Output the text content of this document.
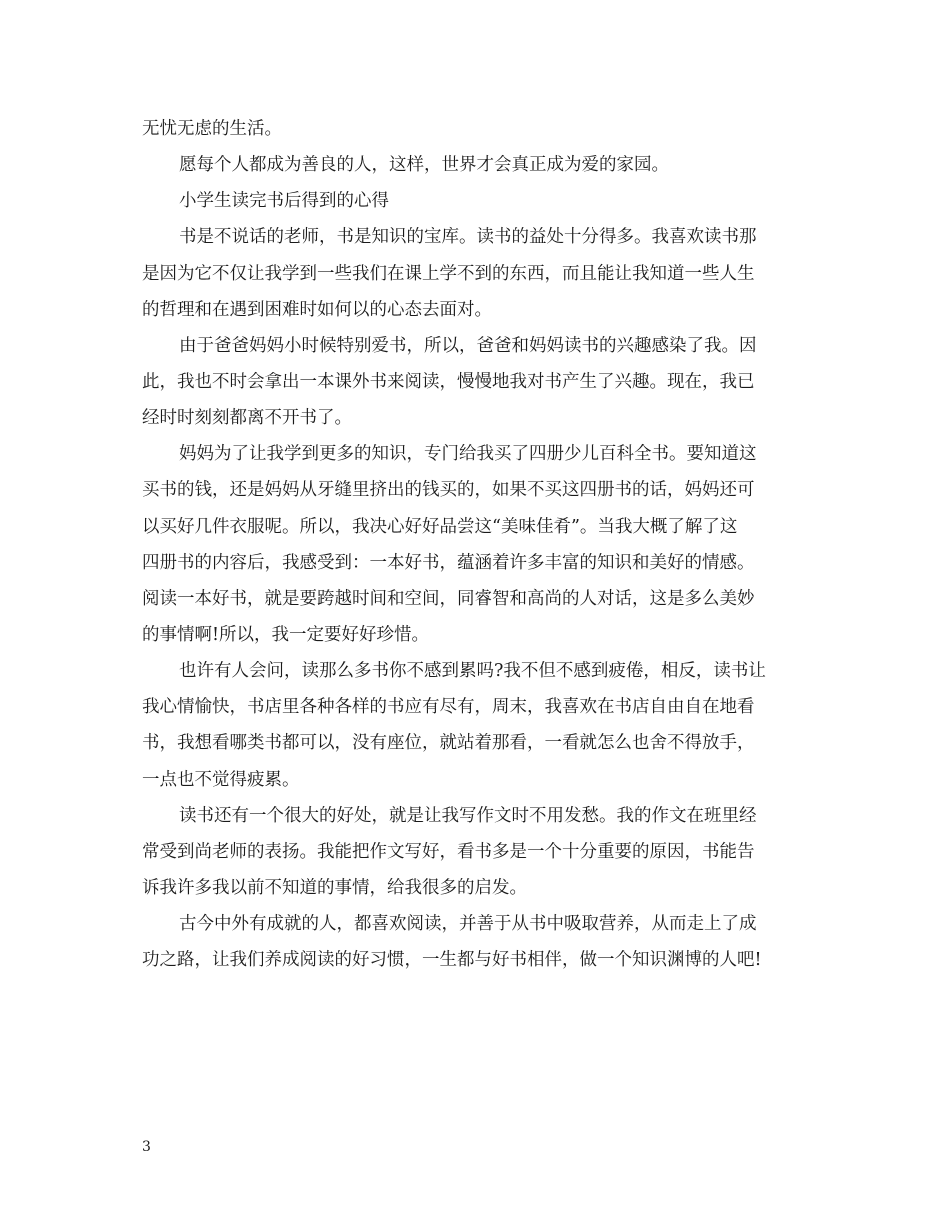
无忧无虑的生活。
愿每个人都成为善良的人，这样，世界才会真正成为爱的家园。
小学生读完书后得到的心得
书是不说话的老师，书是知识的宝库。读书的益处十分得多。我喜欢读书那
是因为它不仅让我学到一些我们在课上学不到的东西，而且能让我知道一些人生
的哲理和在遇到困难时如何以的心态去面对。
由于爸爸妈妈小时候特别爱书，所以，爸爸和妈妈读书的兴趣感染了我。因
此，我也不时会拿出一本课外书来阅读，慢慢地我对书产生了兴趣。现在，我已
经时时刻刻都离不开书了。
妈妈为了让我学到更多的知识，专门给我买了四册少儿百科全书。要知道这
买书的钱，还是妈妈从牙缝里挤出的钱买的，如果不买这四册书的话，妈妈还可
以买好几件衣服呢。所以，我决心好好品尝这“美味佳肴”。当我大概了解了这
四册书的内容后，我感受到：一本好书，蕴涵着许多丰富的知识和美好的情感。
阅读一本好书，就是要跨越时间和空间，同睿智和高尚的人对话，这是多么美妙
的事情啊!所以，我一定要好好珍惜。
也许有人会问，读那么多书你不感到累吗?我不但不感到疲倦，相反，读书让
我心情愉快，书店里各种各样的书应有尽有，周末，我喜欢在书店自由自在地看
书，我想看哪类书都可以，没有座位，就站着那看，一看就怎么也舍不得放手，
一点也不觉得疲累。
读书还有一个很大的好处，就是让我写作文时不用发愁。我的作文在班里经
常受到尚老师的表扬。我能把作文写好，看书多是一个十分重要的原因，书能告
诉我许多我以前不知道的事情，给我很多的启发。
古今中外有成就的人，都喜欢阅读，并善于从书中吸取营养，从而走上了成
功之路，让我们养成阅读的好习惯，一生都与好书相伴，做一个知识渊博的人吧!
3
